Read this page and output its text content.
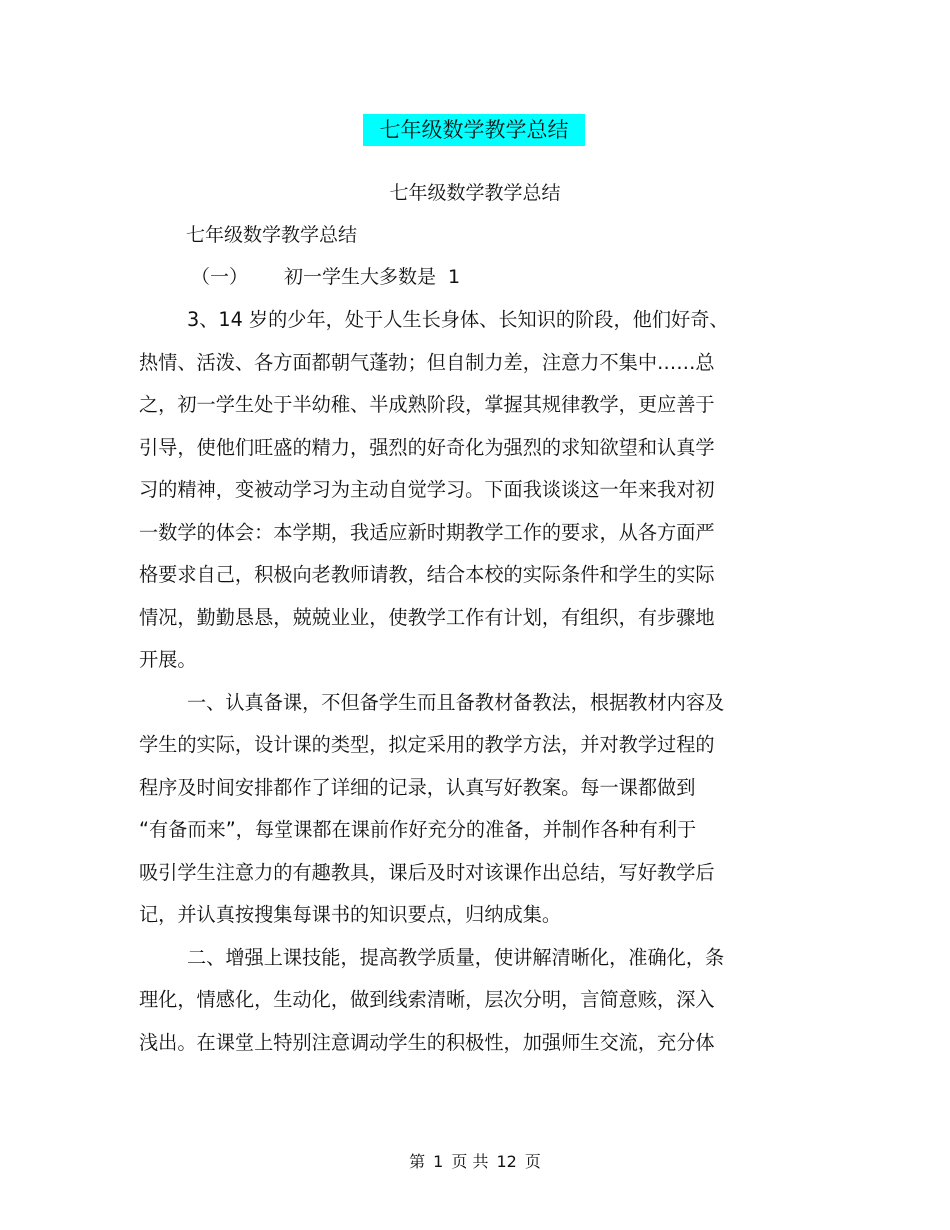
七年级数学教学总结
七年级数学教学总结
七年级数学教学总结
（一） 初一学生大多数是 1
3、14 岁的少年，处于人生长身体、长知识的阶段，他们好奇、
热情、活泼、各方面都朝气蓬勃；但自制力差，注意力不集中……总
之，初一学生处于半幼稚、半成熟阶段，掌握其规律教学，更应善于
引导，使他们旺盛的精力，强烈的好奇化为强烈的求知欲望和认真学
习的精神，变被动学习为主动自觉学习。下面我谈谈这一年来我对初
一数学的体会：本学期，我适应新时期教学工作的要求，从各方面严
格要求自己，积极向老教师请教，结合本校的实际条件和学生的实际
情况，勤勤恳恳，兢兢业业，使教学工作有计划，有组织，有步骤地
开展。
一、认真备课，不但备学生而且备教材备教法，根据教材内容及
学生的实际，设计课的类型，拟定采用的教学方法，并对教学过程的
程序及时间安排都作了详细的记录，认真写好教案。每一课都做到
“有备而来”，每堂课都在课前作好充分的准备，并制作各种有利于
吸引学生注意力的有趣教具，课后及时对该课作出总结，写好教学后
记，并认真按搜集每课书的知识要点，归纳成集。
二、增强上课技能，提高教学质量，使讲解清晰化，准确化，条
理化，情感化，生动化，做到线索清晰，层次分明，言简意赅，深入
浅出。在课堂上特别注意调动学生的积极性，加强师生交流，充分体
第 1 页 共 12 页
